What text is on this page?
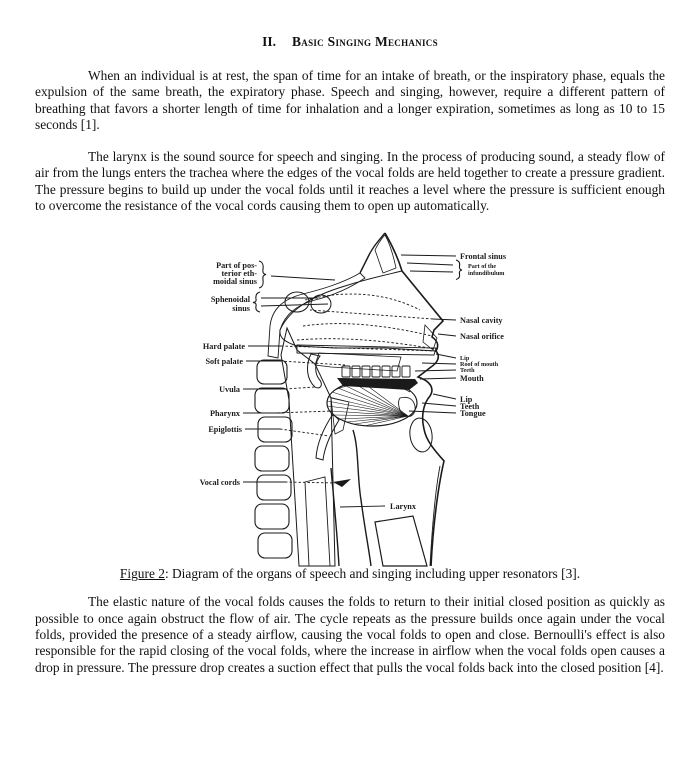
II. Basic Singing Mechanics

When an individual is at rest, the span of time for an intake of breath, or the inspiratory phase, equals the expulsion of the same breath, the expiratory phase. Speech and singing, however, require a different pattern of breathing that favors a shorter length of time for inhalation and a longer expiration, sometimes as long as 10 to 15 seconds [1].

The larynx is the sound source for speech and singing. In the process of producing sound, a steady flow of air from the lungs enters the trachea where the edges of the vocal folds are held together to create a pressure gradient. The pressure begins to build up under the vocal folds until it reaches a level where the pressure is sufficient enough to overcome the resistance of the vocal cords causing them to open up automatically.

Part of pos-
terior eth-
moidal sinus
Sphenoidal
sinus
Hard palate
Soft palate
Uvula
Pharynx
Epiglottis
Vocal cords
Larynx
Frontal sinus
Part of the
infundibulum
Nasal cavity
Nasal orifice
Lip
Roof of mouth
Teeth
Mouth
Lip
Teeth
Tongue
Figure 2: Diagram of the organs of speech and singing including upper resonators [3].

The elastic nature of the vocal folds causes the folds to return to their initial closed position as quickly as possible to once again obstruct the flow of air. The cycle repeats as the pressure builds once again under the vocal folds, provided the presence of a steady airflow, causing the vocal folds to open and close. Bernoulli's effect is also responsible for the rapid closing of the vocal folds, where the increase in airflow when the vocal folds open causes a drop in pressure. The pressure drop creates a suction effect that pulls the vocal folds back into the closed position [4].
